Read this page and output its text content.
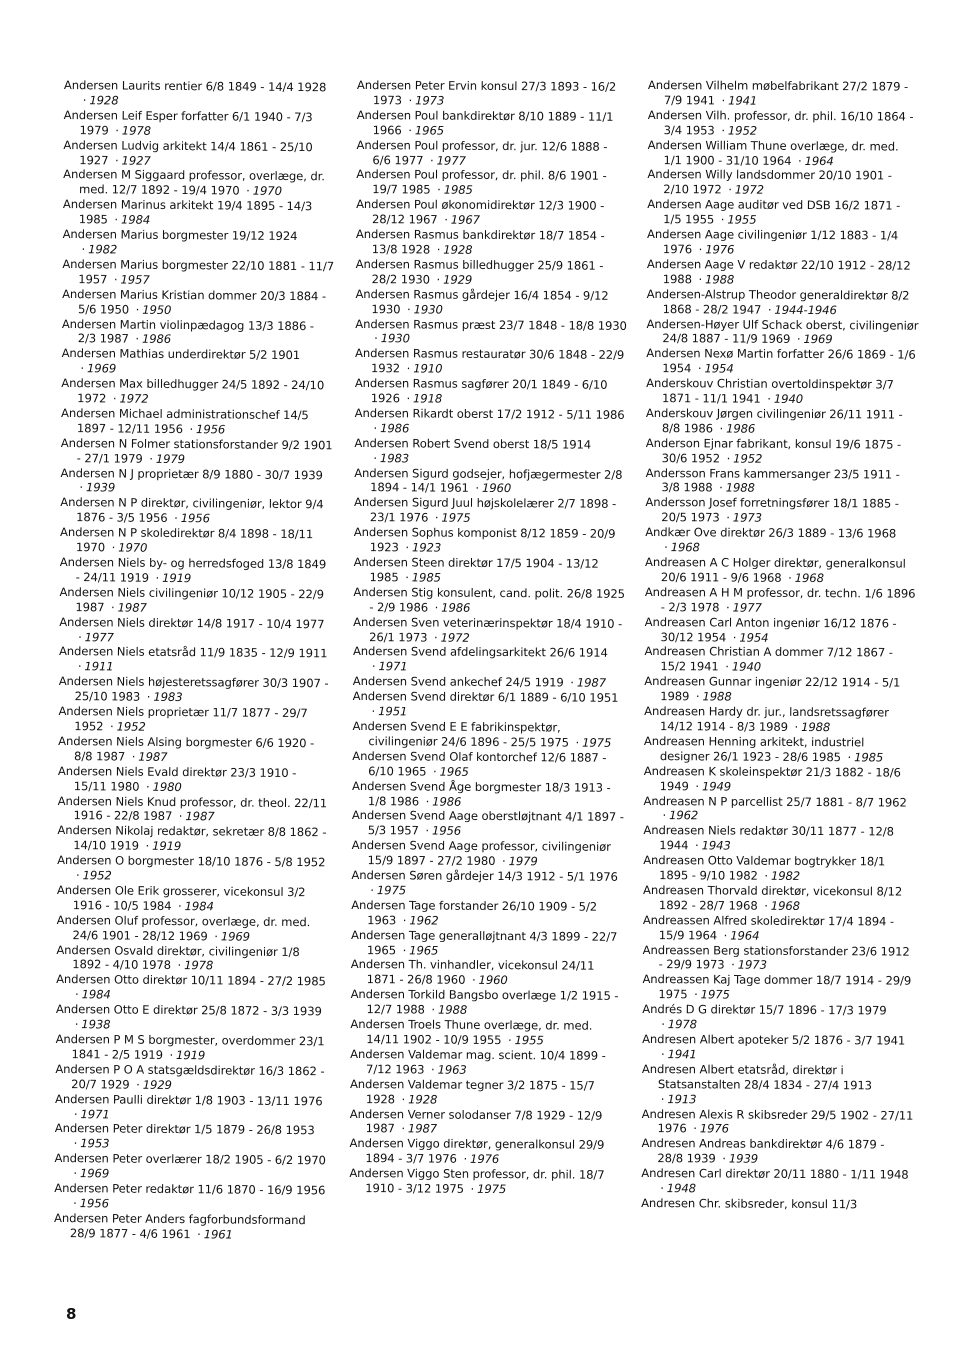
Andersen Laurits rentier 6/8 1849 - 14/4 1928 · 1928

Andersen Leif Esper forfatter 6/1 1940 - 7/3 1979 · 1978

Andersen Ludvig arkitekt 14/4 1861 - 25/10 1927 · 1927

Andersen M Siggaard professor, overlæge, dr. med. 12/7 1892 - 19/4 1970 · 1970

Andersen Marinus arkitekt 19/4 1895 - 14/3 1985 · 1984

Andersen Marius borgmester 19/12 1924 · 1982

Andersen Marius borgmester 22/10 1881 - 11/7 1957 · 1957

Andersen Marius Kristian dommer 20/3 1884 - 5/6 1950 · 1950

Andersen Martin violinpædagog 13/3 1886 - 2/3 1987 · 1986

Andersen Mathias underdirektør 5/2 1901 · 1969

Andersen Max billedhugger 24/5 1892 - 24/10 1972 · 1972

Andersen Michael administrationschef 14/5 1897 - 12/11 1956 · 1956

Andersen N Folmer stationsforstander 9/2 1901 - 27/1 1979 · 1979

Andersen N J proprietær 8/9 1880 - 30/7 1939 · 1939

Andersen N P direktør, civilingeniør, lektor 9/4 1876 - 3/5 1956 · 1956

Andersen N P skoledirektør 8/4 1898 - 18/11 1970 · 1970

Andersen Niels by- og herredsfoged 13/8 1849 - 24/11 1919 · 1919

Andersen Niels civilingeniør 10/12 1905 - 22/9 1987 · 1987

Andersen Niels direktør 14/8 1917 - 10/4 1977 · 1977

Andersen Niels etatsråd 11/9 1835 - 12/9 1911 · 1911

Andersen Niels højesteretssagfører 30/3 1907 - 25/10 1983 · 1983

Andersen Niels proprietær 11/7 1877 - 29/7 1952 · 1952

Andersen Niels Alsing borgmester 6/6 1920 - 8/8 1987 · 1987

Andersen Niels Evald direktør 23/3 1910 - 15/11 1980 · 1980

Andersen Niels Knud professor, dr. theol. 22/11 1916 - 22/8 1987 · 1987

Andersen Nikolaj redaktør, sekretær 8/8 1862 - 14/10 1919 · 1919

Andersen O borgmester 18/10 1876 - 5/8 1952 · 1952

Andersen Ole Erik grosserer, vicekonsul 3/2 1916 - 10/5 1984 · 1984

Andersen Oluf professor, overlæge, dr. med. 24/6 1901 - 28/12 1969 · 1969

Andersen Osvald direktør, civilingeniør 1/8 1892 - 4/10 1978 · 1978

Andersen Otto direktør 10/11 1894 - 27/2 1985 · 1984

Andersen Otto E direktør 25/8 1872 - 3/3 1939 · 1938

Andersen P M S borgmester, overdommer 23/1 1841 - 2/5 1919 · 1919

Andersen P O A statsgældsdirektør 16/3 1862 - 20/7 1929 · 1929

Andersen Paulli direktør 1/8 1903 - 13/11 1976 · 1971

Andersen Peter direktør 1/5 1879 - 26/8 1953 · 1953

Andersen Peter overlærer 18/2 1905 - 6/2 1970 · 1969

Andersen Peter redaktør 11/6 1870 - 16/9 1956 · 1956

Andersen Peter Anders fagforbundsformand 28/9 1877 - 4/6 1961 · 1961

Andersen Peter Ervin konsul 27/3 1893 - 16/2 1973 · 1973

Andersen Poul bankdirektør 8/10 1889 - 11/1 1966 · 1965

Andersen Poul professor, dr. jur. 12/6 1888 - 6/6 1977 · 1977

Andersen Poul professor, dr. phil. 8/6 1901 - 19/7 1985 · 1985

Andersen Poul økonomidirektør 12/3 1900 - 28/12 1967 · 1967

Andersen Rasmus bankdirektør 18/7 1854 - 13/8 1928 · 1928

Andersen Rasmus billedhugger 25/9 1861 - 28/2 1930 · 1929

Andersen Rasmus gårdejer 16/4 1854 - 9/12 1930 · 1930

Andersen Rasmus præst 23/7 1848 - 18/8 1930 · 1930

Andersen Rasmus restauratør 30/6 1848 - 22/9 1932 · 1910

Andersen Rasmus sagfører 20/1 1849 - 6/10 1926 · 1918

Andersen Rikardt oberst 17/2 1912 - 5/11 1986 · 1986

Andersen Robert Svend oberst 18/5 1914 · 1983

Andersen Sigurd godsejer, hofjægermester 2/8 1894 - 14/1 1961 · 1960

Andersen Sigurd Juul højskolelærer 2/7 1898 - 23/1 1976 · 1975

Andersen Sophus komponist 8/12 1859 - 20/9 1923 · 1923

Andersen Steen direktør 17/5 1904 - 13/12 1985 · 1985

Andersen Stig konsulent, cand. polit. 26/8 1925 - 2/9 1986 · 1986

Andersen Sven veterinærinspektør 18/4 1910 - 26/1 1973 · 1972

Andersen Svend afdelingsarkitekt 26/6 1914 · 1971

Andersen Svend ankechef 24/5 1919 · 1987

Andersen Svend direktør 6/1 1889 - 6/10 1951 · 1951

Andersen Svend E E fabrikinspektør, civilingeniør 24/6 1896 - 25/5 1975 · 1975

Andersen Svend Olaf kontorchef 12/6 1887 - 6/10 1965 · 1965

Andersen Svend Åge borgmester 18/3 1913 - 1/8 1986 · 1986

Andersen Svend Aage oberstløjtnant 4/1 1897 - 5/3 1957 · 1956

Andersen Svend Aage professor, civilingeniør 15/9 1897 - 27/2 1980 · 1979

Andersen Søren gårdejer 14/3 1912 - 5/1 1976 · 1975

Andersen Tage forstander 26/10 1909 - 5/2 1963 · 1962

Andersen Tage generalløjtnant 4/3 1899 - 22/7 1965 · 1965

Andersen Th. vinhandler, vicekonsul 24/11 1871 - 26/8 1960 · 1960

Andersen Torkild Bangsbo overlæge 1/2 1915 - 12/7 1988 · 1988

Andersen Troels Thune overlæge, dr. med. 14/11 1902 - 10/9 1955 · 1955

Andersen Valdemar mag. scient. 10/4 1899 - 7/12 1963 · 1963

Andersen Valdemar tegner 3/2 1875 - 15/7 1928 · 1928

Andersen Verner solodanser 7/8 1929 - 12/9 1987 · 1987

Andersen Viggo direktør, generalkonsul 29/9 1894 - 3/7 1976 · 1976

Andersen Viggo Sten professor, dr. phil. 18/7 1910 - 3/12 1975 · 1975

Andersen Vilhelm møbelfabrikant 27/2 1879 - 7/9 1941 · 1941

Andersen Vilh. professor, dr. phil. 16/10 1864 - 3/4 1953 · 1952

Andersen William Thune overlæge, dr. med. 1/1 1900 - 31/10 1964 · 1964

Andersen Willy landsdommer 20/10 1901 - 2/10 1972 · 1972

Andersen Aage auditør ved DSB 16/2 1871 - 1/5 1955 · 1955

Andersen Aage civilingeniør 1/12 1883 - 1/4 1976 · 1976

Andersen Aage V redaktør 22/10 1912 - 28/12 1988 · 1988

Andersen-Alstrup Theodor generaldirektør 8/2 1868 - 28/2 1947 · 1944-1946

Andersen-Høyer Ulf Schack oberst, civilingeniør 24/8 1887 - 11/9 1969 · 1969

Andersen Nexø Martin forfatter 26/6 1869 - 1/6 1954 · 1954

Anderskouv Christian overtoldinspektør 3/7 1871 - 11/1 1941 · 1940

Anderskouv Jørgen civilingeniør 26/11 1911 - 8/8 1986 · 1986

Anderson Ejnar fabrikant, konsul 19/6 1875 - 30/6 1952 · 1952

Andersson Frans kammersanger 23/5 1911 - 3/8 1988 · 1988

Andersson Josef forretningsfører 18/1 1885 - 20/5 1973 · 1973

Andkær Ove direktør 26/3 1889 - 13/6 1968 · 1968

Andreasen A C Holger direktør, generalkonsul 20/6 1911 - 9/6 1968 · 1968

Andreasen A H M professor, dr. techn. 1/6 1896 - 2/3 1978 · 1977

Andreasen Carl Anton ingeniør 16/12 1876 - 30/12 1954 · 1954

Andreasen Christian A dommer 7/12 1867 - 15/2 1941 · 1940

Andreasen Gunnar ingeniør 22/12 1914 - 5/1 1989 · 1988

Andreasen Hardy dr. jur., landsretssagfører 14/12 1914 - 8/3 1989 · 1988

Andreasen Henning arkitekt, industriel designer 26/1 1923 - 28/6 1985 · 1985

Andreasen K skoleinspektør 21/3 1882 - 18/6 1949 · 1949

Andreasen N P parcellist 25/7 1881 - 8/7 1962 · 1962

Andreasen Niels redaktør 30/11 1877 - 12/8 1944 · 1943

Andreasen Otto Valdemar bogtrykker 18/1 1895 - 9/10 1982 · 1982

Andreasen Thorvald direktør, vicekonsul 8/12 1892 - 28/7 1968 · 1968

Andreassen Alfred skoledirektør 17/4 1894 - 15/9 1964 · 1964

Andreassen Berg stationsforstander 23/6 1912 - 29/9 1973 · 1973

Andreassen Kaj Tage dommer 18/7 1914 - 29/9 1975 · 1975

Andrés D G direktør 15/7 1896 - 17/3 1979 · 1978

Andresen Albert apoteker 5/2 1876 - 3/7 1941 · 1941

Andresen Albert etatsråd, direktør i Statsanstalten 28/4 1834 - 27/4 1913 · 1913

Andresen Alexis R skibsreder 29/5 1902 - 27/11 1976 · 1976

Andresen Andreas bankdirektør 4/6 1879 - 28/8 1939 · 1939

Andresen Carl direktør 20/11 1880 - 1/11 1948 · 1948

Andresen Chr. skibsreder, konsul 11/3

8
